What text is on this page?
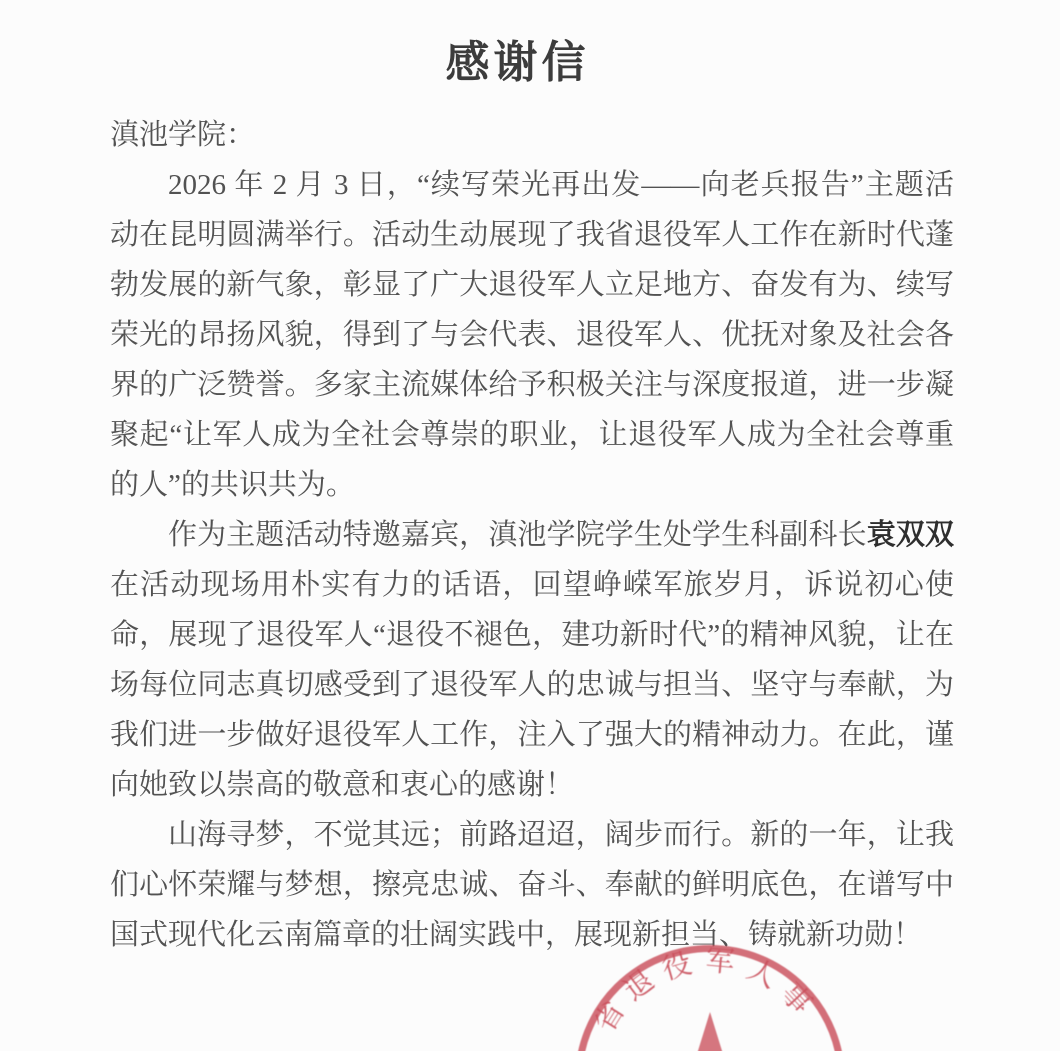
感谢信

滇池学院：

2026 年 2 月 3 日，“续写荣光再出发——向老兵报告”主题活动在昆明圆满举行。活动生动展现了我省退役军人工作在新时代蓬勃发展的新气象，彰显了广大退役军人立足地方、奋发有为、续写荣光的昂扬风貌，得到了与会代表、退役军人、优抚对象及社会各界的广泛赞誉。多家主流媒体给予积极关注与深度报道，进一步凝聚起“让军人成为全社会尊崇的职业，让退役军人成为全社会尊重的人”的共识共为。

作为主题活动特邀嘉宾，滇池学院学生处学生科副科长袁双双在活动现场用朴实有力的话语，回望峥嵘军旅岁月，诉说初心使命，展现了退役军人“退役不褪色，建功新时代”的精神风貌，让在场每位同志真切感受到了退役军人的忠诚与担当、坚守与奉献，为我们进一步做好退役军人工作，注入了强大的精神动力。在此，谨向她致以崇高的敬意和衷心的感谢！

山海寻梦，不觉其远；前路迢迢，阔步而行。新的一年，让我们心怀荣耀与梦想，擦亮忠诚、奋斗、奉献的鲜明底色，在谱写中国式现代化云南篇章的壮阔实践中，展现新担当、铸就新功勋！

省
退
役 军 人
事
